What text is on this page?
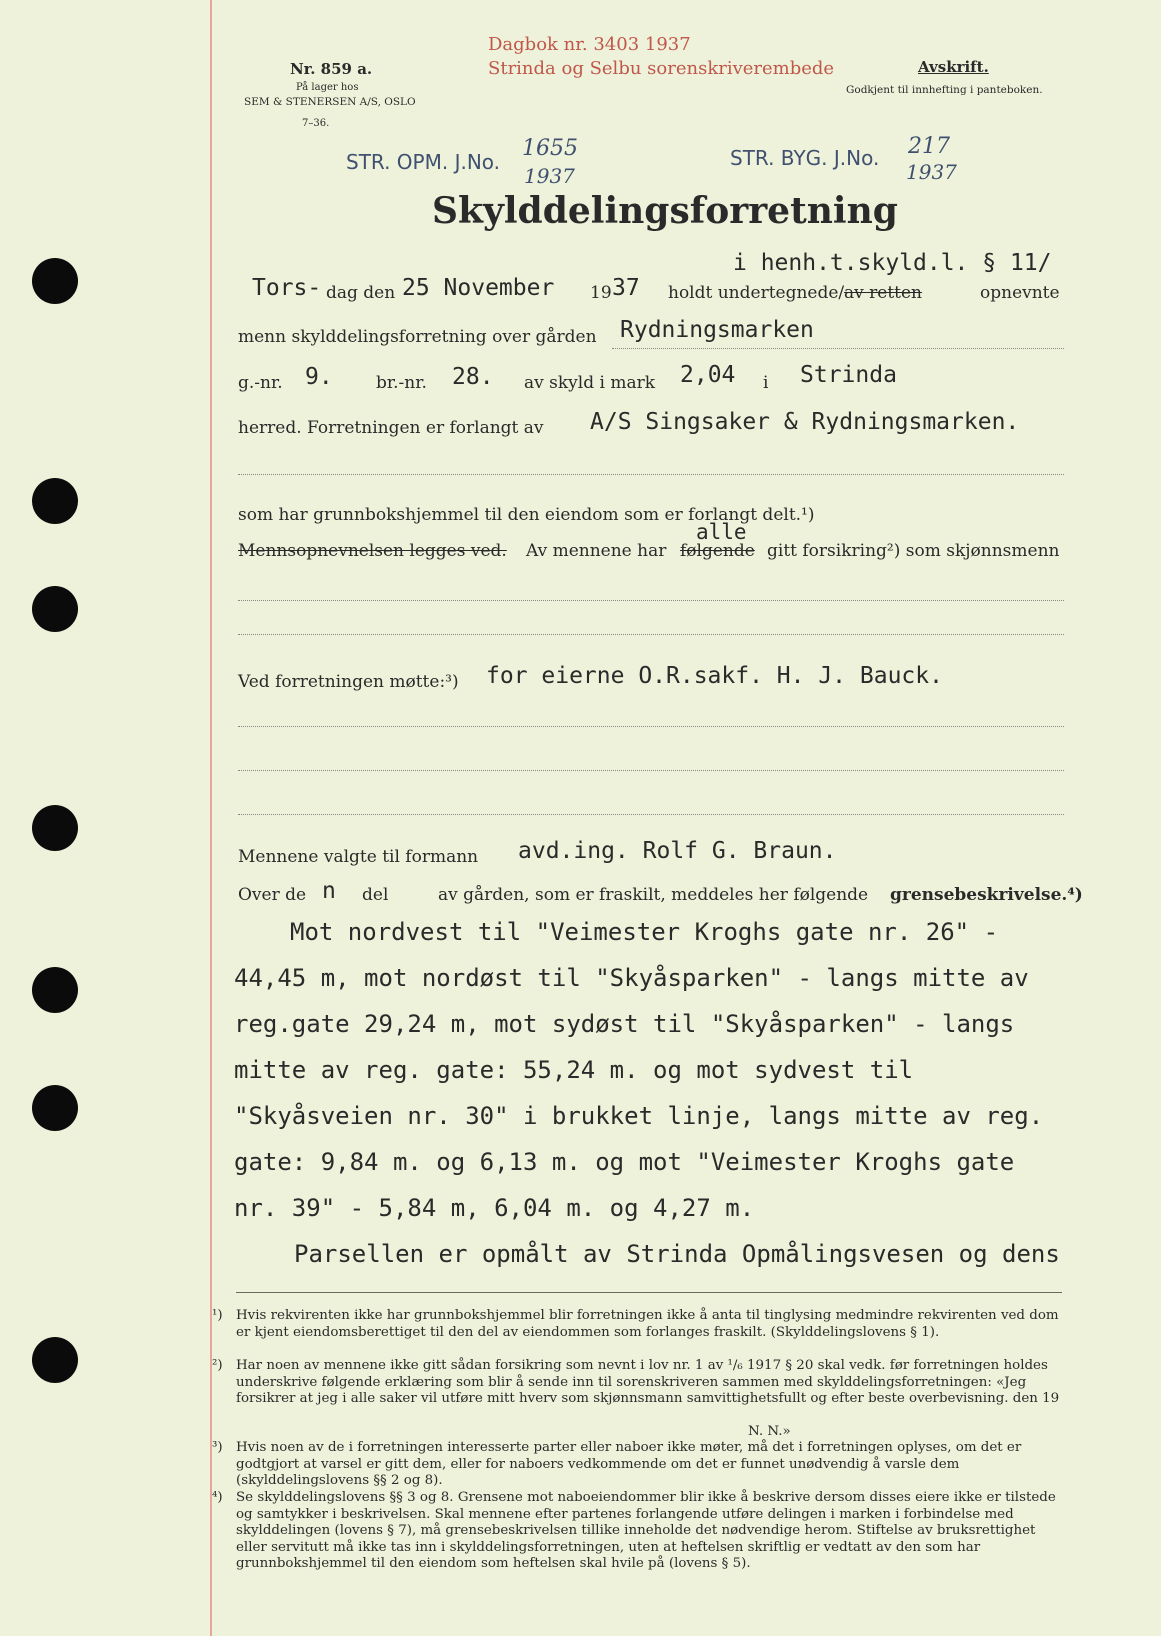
Nr. 859 a.
På lager hos
SEM & STENERSEN A/S, OSLO
7–36.
Dagbok nr. 3403 1937
Strinda og Selbu sorenskriverembede	Avskrift.
Godkjent til innhefting i panteboken.
STR. OPM. J.No.
1655
1937
STR. BYG. J.No. 217
1937
Skylddelingsforretning
i henh.t.skyld.l. § 11/
Tors- dag den 25 November 19 37 holdt undertegnede/ av retten	opnevnte
menn skylddelingsforretning over gården Rydningsmarken
g.-nr. 9.	br.-nr. 28. av skyld i mark 2,04 i Strinda
herred. Forretningen er forlangt av A/S Singsaker & Rydningsmarken.
som har grunnbokshjemmel til den eiendom som er forlangt delt.¹)
Mennsopnevnelsen legges ved. Av mennene har
alle
følgende gitt forsikring²) som skjønnsmenn
Ved forretningen møtte:³) for eierne O.R.sakf. H. J. Bauck.
Mennene valgte til formann avd.ing. Rolf G. Braun.
Over de n del	av gården, som er fraskilt, meddeles her følgende grensebeskrivelse.⁴)
Mot nordvest til "Veimester Kroghs gate nr. 26" -
44,45 m, mot nordøst til "Skyåsparken" - langs mitte av
reg.gate 29,24 m, mot sydøst til "Skyåsparken" - langs
mitte av reg. gate: 55,24 m. og mot sydvest til
"Skyåsveien nr. 30" i brukket linje, langs mitte av reg.
gate: 9,84 m. og 6,13 m. og mot "Veimester Kroghs gate
nr. 39" - 5,84 m, 6,04 m. og 4,27 m.
Parsellen er opmålt av Strinda Opmålingsvesen og dens
¹) Hvis rekvirenten ikke har grunnbokshjemmel blir forretningen ikke å anta til tinglysing medmindre rekvirenten ved dom er kjent eiendomsberettiget til den del av eiendommen som forlanges fraskilt. (Skylddelingslovens § 1).
²) Har noen av mennene ikke gitt sådan forsikring som nevnt i lov nr. 1 av ¹/₆ 1917 § 20 skal vedk. før forretningen holdes underskrive følgende erklæring som blir å sende inn til sorenskriveren sammen med skylddelingsforretningen: «Jeg forsikrer at jeg i alle saker vil utføre mitt hverv som skjønnsmann samvittighetsfullt og efter beste overbevisning. den 19
N. N.»
³) Hvis noen av de i forretningen interesserte parter eller naboer ikke møter, må det i forretningen oplyses, om det er godtgjort at varsel er gitt dem, eller for naboers vedkommende om det er funnet unødvendig å varsle dem (skylddelingslovens §§ 2 og 8).
⁴) Se skylddelingslovens §§ 3 og 8. Grensene mot naboeiendommer blir ikke å beskrive dersom disses eiere ikke er tilstede og samtykker i beskrivelsen. Skal mennene efter partenes forlangende utføre delingen i marken i forbindelse med skylddelingen (lovens § 7), må grensebeskrivelsen tillike inneholde det nødvendige herom. Stiftelse av bruksrettighet eller servitutt må ikke tas inn i skylddelingsforretningen, uten at heftelsen skriftlig er vedtatt av den som har grunnbokshjemmel til den eiendom som heftelsen skal hvile på (lovens § 5).
